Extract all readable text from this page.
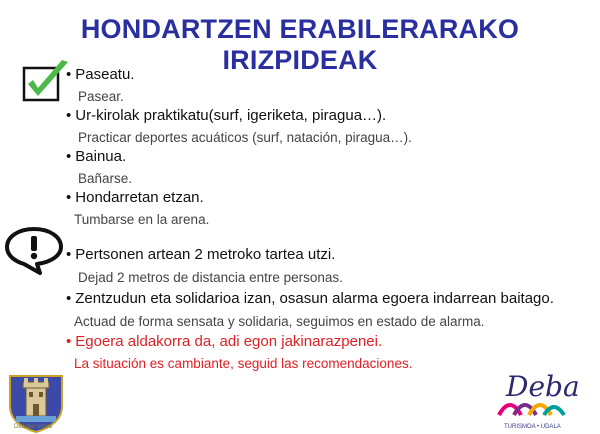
HONDARTZEN ERABILERARAKO IRIZPIDEAK
• Paseatu.
Pasear.
• Ur-kirolak praktikatu(surf, igeriketa, piragua…).
Practicar deportes acuáticos (surf, natación, piragua…).
• Bainua.
Bañarse.
• Hondarretan etzan.
Tumbarse en la arena.
• Pertsonen artean 2 metroko tartea utzi.
Dejad 2 metros de distancia entre personas.
• Zentzudun eta solidarioa izan, osasun alarma egoera indarrean baitago.
Actuad de forma sensata y solidaria, seguimos en estado de alarma.
• Egoera aldakorra da, adi egon jakinarazpenei.
La situación es cambiante, seguid las recomendaciones.
Debako Udala
Deba
TURISMOA • UDALA
